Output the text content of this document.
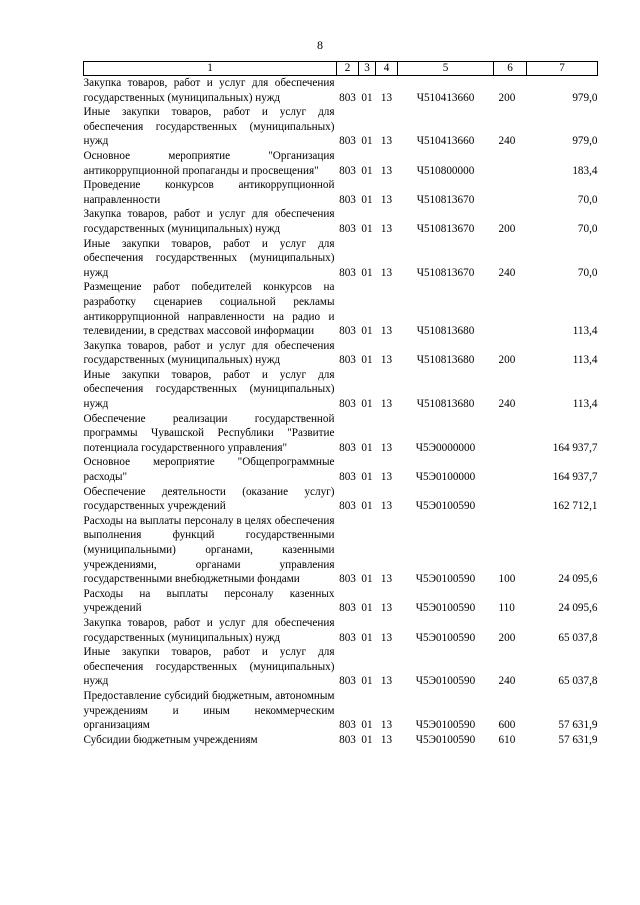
8
1	2	3	4	5	6	7
Закупка товаров, работ и услуг для обеспечения государственных (муниципальных) нужд	803	01	13	Ч510413660	200	979,0
Иные закупки товаров, работ и услуг для обеспечения государственных (муниципальных) нужд	803	01	13	Ч510413660	240	979,0
Основное мероприятие "Организация антикоррупционной пропаганды и просвещения"	803	01	13	Ч510800000		183,4
Проведение конкурсов антикоррупционной направленности	803	01	13	Ч510813670		70,0
Закупка товаров, работ и услуг для обеспечения государственных (муниципальных) нужд	803	01	13	Ч510813670	200	70,0
Иные закупки товаров, работ и услуг для обеспечения государственных (муниципальных) нужд	803	01	13	Ч510813670	240	70,0
Размещение работ победителей конкурсов на разработку сценариев социальной рекламы антикоррупционной направленности на радио и телевидении, в средствах массовой информации	803	01	13	Ч510813680		113,4
Закупка товаров, работ и услуг для обеспечения государственных (муниципальных) нужд	803	01	13	Ч510813680	200	113,4
Иные закупки товаров, работ и услуг для обеспечения государственных (муниципальных) нужд	803	01	13	Ч510813680	240	113,4
Обеспечение реализации государственной программы Чувашской Республики "Развитие потенциала государственного управления"	803	01	13	Ч5Э0000000		164 937,7
Основное мероприятие "Общепрограммные расходы"	803	01	13	Ч5Э0100000		164 937,7
Обеспечение деятельности (оказание услуг) государственных учреждений	803	01	13	Ч5Э0100590		162 712,1
Расходы на выплаты персоналу в целях обеспечения выполнения функций государственными (муниципальными) органами, казенными учреждениями, органами управления государственными внебюджетными фондами	803	01	13	Ч5Э0100590	100	24 095,6
Расходы на выплаты персоналу казенных учреждений	803	01	13	Ч5Э0100590	110	24 095,6
Закупка товаров, работ и услуг для обеспечения государственных (муниципальных) нужд	803	01	13	Ч5Э0100590	200	65 037,8
Иные закупки товаров, работ и услуг для обеспечения государственных (муниципальных) нужд	803	01	13	Ч5Э0100590	240	65 037,8
Предоставление субсидий бюджетным, автономным учреждениям и иным некоммерческим организациям	803	01	13	Ч5Э0100590	600	57 631,9
Субсидии бюджетным учреждениям	803	01	13	Ч5Э0100590	610	57 631,9
